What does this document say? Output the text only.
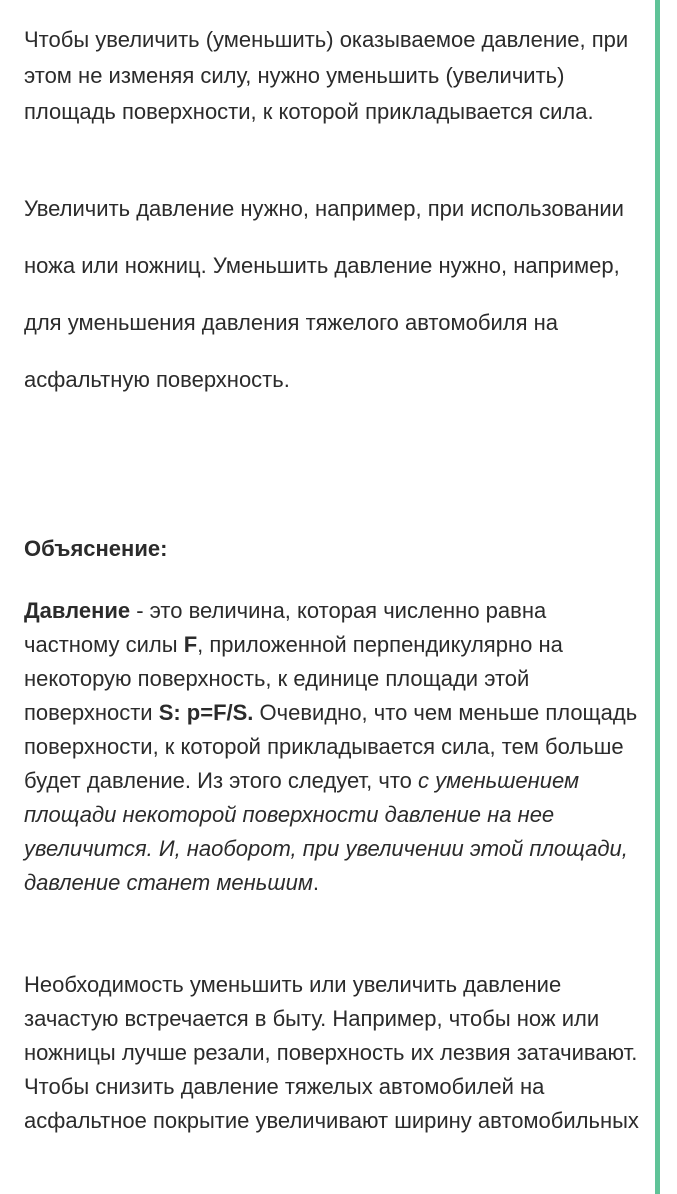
Чтобы увеличить (уменьшить) оказываемое давление, при этом не изменяя силу, нужно уменьшить (увеличить) площадь поверхности, к которой прикладывается сила.

Увеличить давление нужно, например, при использовании ножа или ножниц. Уменьшить давление нужно, например, для уменьшения давления тяжелого автомобиля на асфальтную поверхность.

Объяснение:

Давление - это величина, которая численно равна частному силы F, приложенной перпендикулярно на некоторую поверхность, к единице площади этой поверхности S: p=F/S. Очевидно, что чем меньше площадь поверхности, к которой прикладывается сила, тем больше будет давление. Из этого следует, что с уменьшением площади некоторой поверхности давление на нее увеличится. И, наоборот, при увеличении этой площади, давление станет меньшим.

Необходимость уменьшить или увеличить давление зачастую встречается в быту. Например, чтобы нож или ножницы лучше резали, поверхность их лезвия затачивают. Чтобы снизить давление тяжелых автомобилей на асфальтное покрытие увеличивают ширину автомобильных
